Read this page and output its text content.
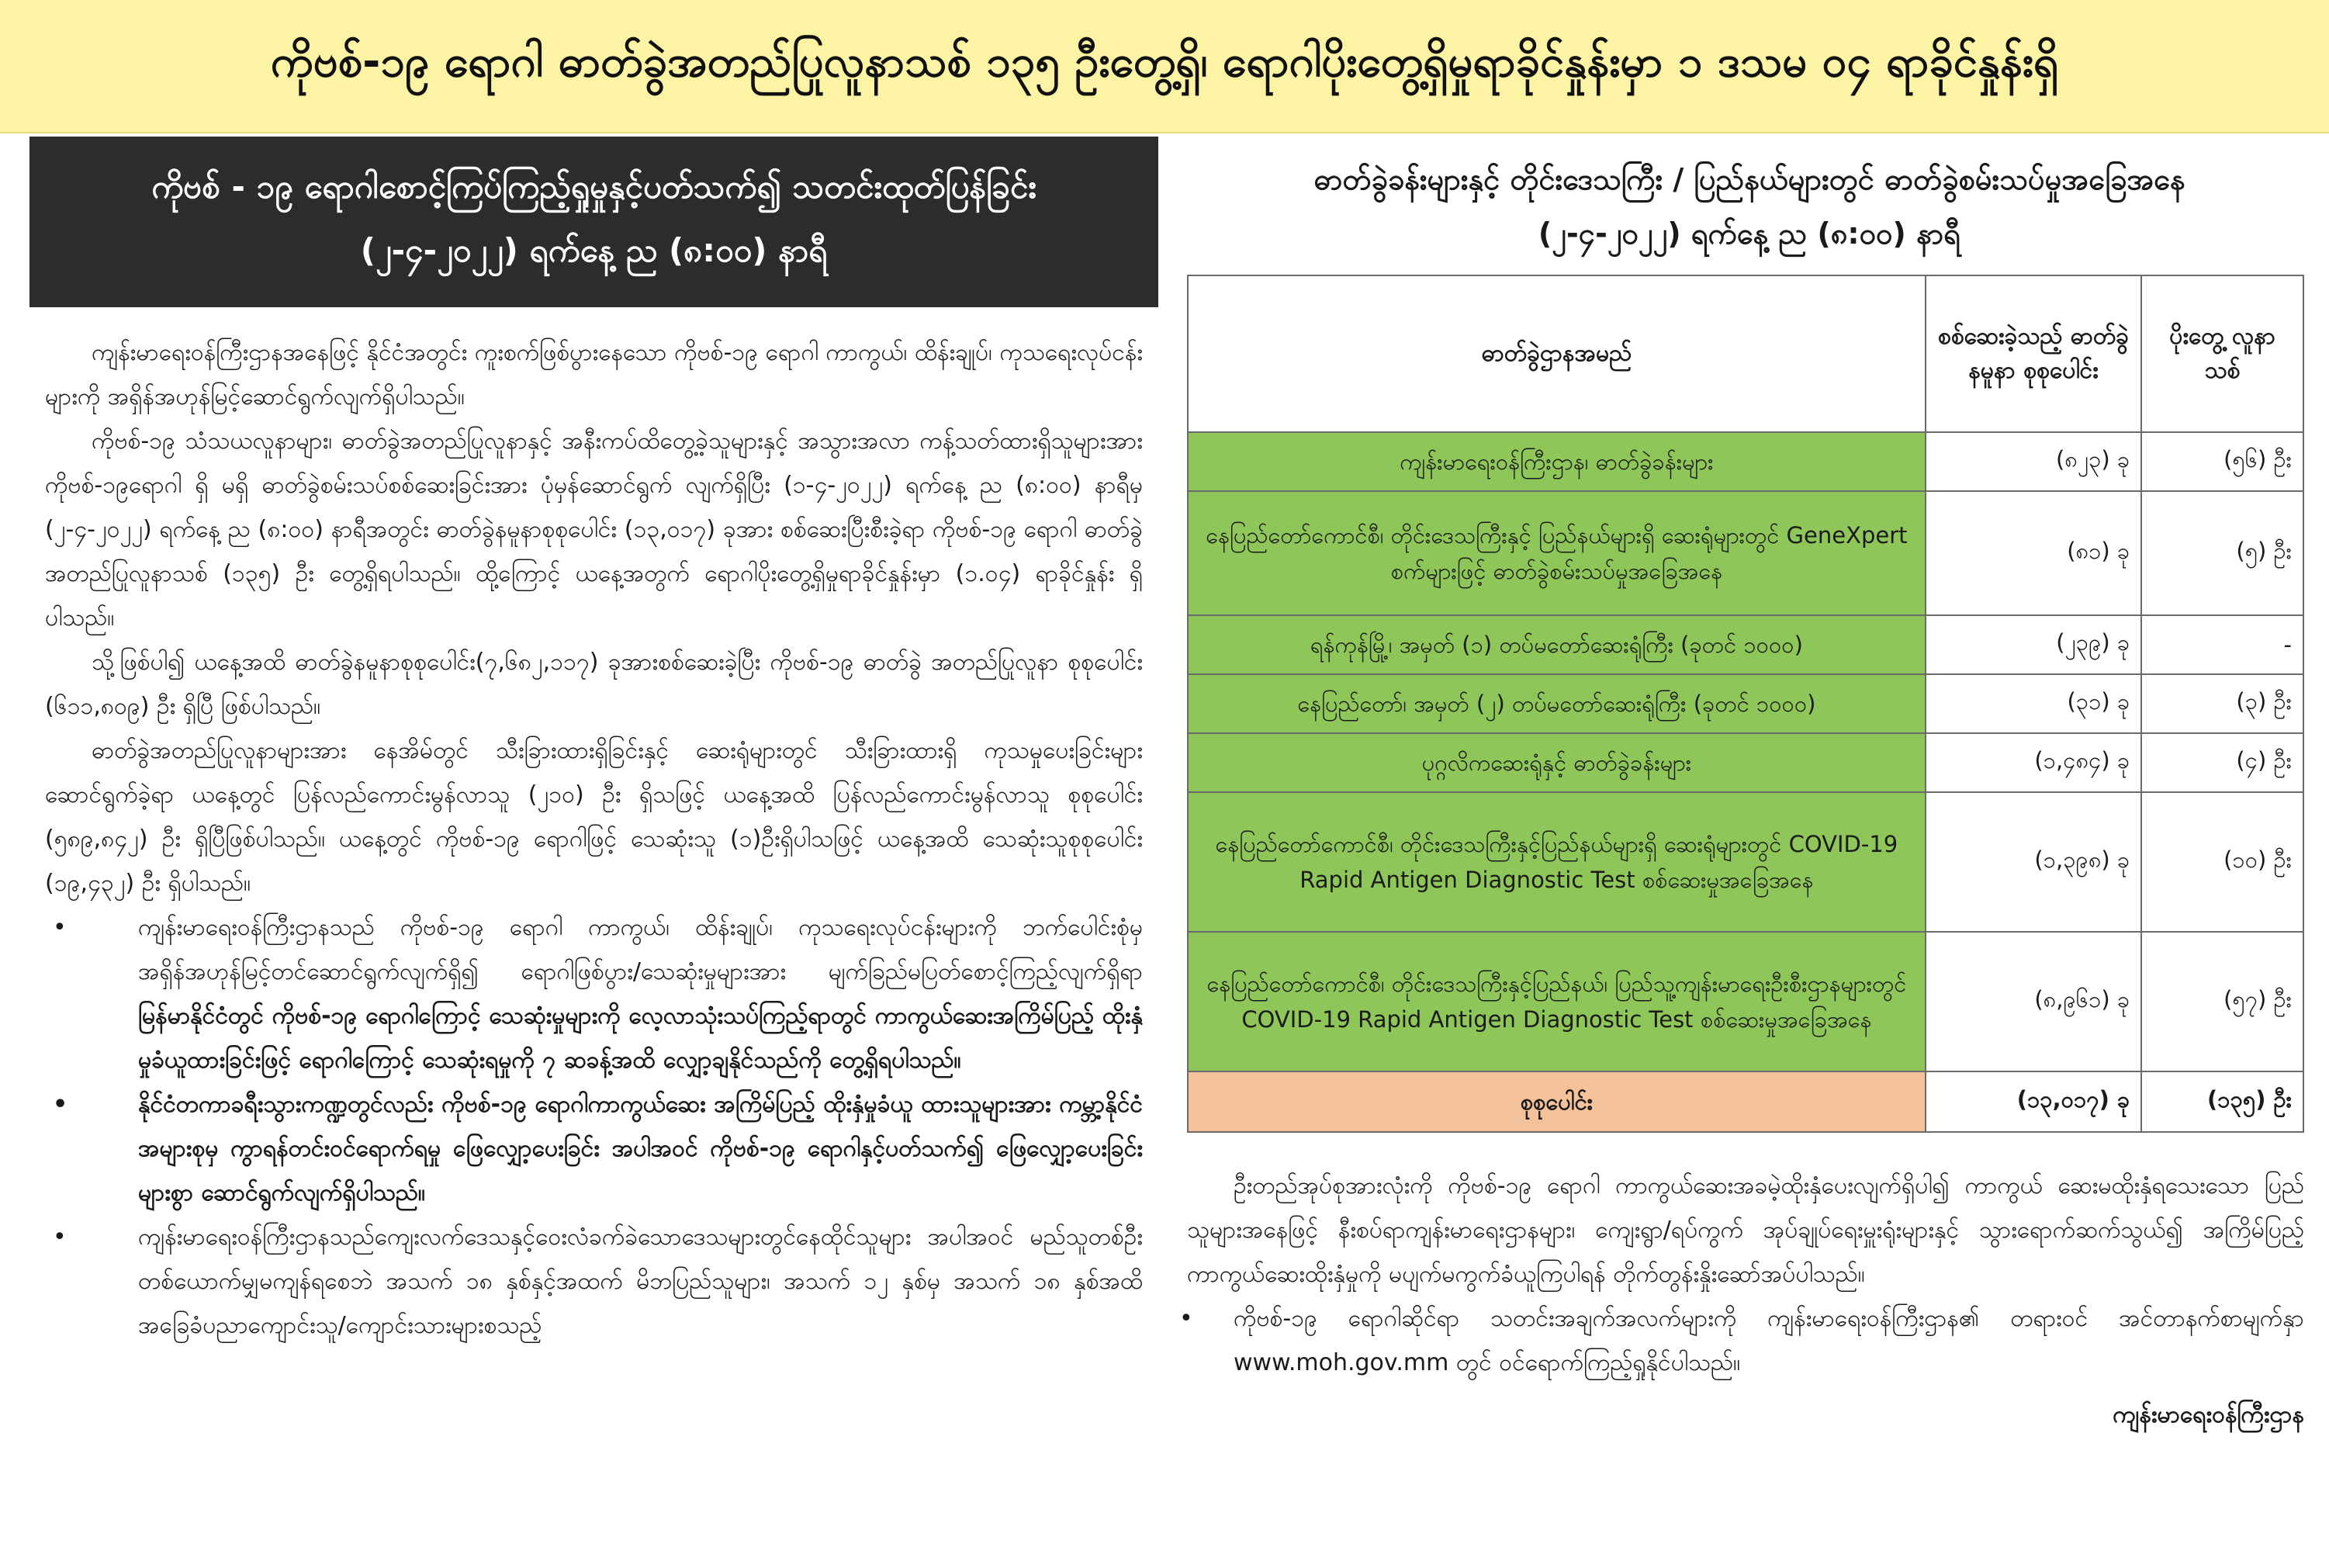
ကိုဗစ်-၁၉ ရောဂါ ဓာတ်ခွဲအတည်ပြုလူနာသစ် ၁၃၅ ဦးတွေ့ရှိ၊ ရောဂါပိုးတွေ့ရှိမှုရာခိုင်နှုန်းမှာ ၁ ဒသမ ၀၄ ရာခိုင်နှုန်းရှိ
ကိုဗစ် - ၁၉ ရောဂါစောင့်ကြပ်ကြည့်ရှုမှုနှင့်ပတ်သက်၍ သတင်းထုတ်ပြန်ခြင်း
(၂-၄-၂၀၂၂) ရက်နေ့ ည (၈:၀၀) နာရီ

ကျန်းမာရေးဝန်ကြီးဌာနအနေဖြင့် နိုင်ငံအတွင်း ကူးစက်ဖြစ်ပွားနေသော ကိုဗစ်-၁၉ ရောဂါ ကာကွယ်၊ ထိန်းချုပ်၊ ကုသရေးလုပ်ငန်းများကို အရှိန်အဟုန်မြင့်ဆောင်ရွက်လျက်ရှိပါသည်။

ကိုဗစ်-၁၉ သံသယလူနာများ၊ ဓာတ်ခွဲအတည်ပြုလူနာနှင့် အနီးကပ်ထိတွေ့ခဲ့သူများနှင့် အသွားအလာ ကန့်သတ်ထားရှိသူများအား ကိုဗစ်-၁၉ရောဂါ ရှိ မရှိ ဓာတ်ခွဲစမ်းသပ်စစ်ဆေးခြင်းအား ပုံမှန်ဆောင်ရွက် လျက်ရှိပြီး (၁-၄-၂၀၂၂) ရက်နေ့ ည (၈:၀၀) နာရီမှ (၂-၄-၂၀၂၂) ရက်နေ့ ည (၈:၀၀) နာရီအတွင်း ဓာတ်ခွဲနမူနာစုစုပေါင်း (၁၃,၀၁၇) ခုအား စစ်ဆေးပြီးစီးခဲ့ရာ ကိုဗစ်-၁၉ ရောဂါ ဓာတ်ခွဲအတည်ပြုလူနာသစ် (၁၃၅) ဦး တွေ့ရှိရပါသည်။ ထို့ကြောင့် ယနေ့အတွက် ရောဂါပိုးတွေ့ရှိမှုရာခိုင်နှုန်းမှာ (၁.၀၄) ရာခိုင်နှုန်း ရှိပါသည်။

သို့ဖြစ်ပါ၍ ယနေ့အထိ ဓာတ်ခွဲနမူနာစုစုပေါင်း(၇,၆၈၂,၁၁၇) ခုအားစစ်ဆေးခဲ့ပြီး ကိုဗစ်-၁၉ ဓာတ်ခွဲ အတည်ပြုလူနာ စုစုပေါင်း (၆၁၁,၈၀၉) ဦး ရှိပြီ ဖြစ်ပါသည်။

ဓာတ်ခွဲအတည်ပြုလူနာများအား နေအိမ်တွင် သီးခြားထားရှိခြင်းနှင့် ဆေးရုံများတွင် သီးခြားထားရှိ ကုသမှုပေးခြင်းများ ဆောင်ရွက်ခဲ့ရာ ယနေ့တွင် ပြန်လည်ကောင်းမွန်လာသူ (၂၁၀) ဦး ရှိသဖြင့် ယနေ့အထိ ပြန်လည်ကောင်းမွန်လာသူ စုစုပေါင်း (၅၈၉,၈၄၂) ဦး ရှိပြီဖြစ်ပါသည်။ ယနေ့တွင် ကိုဗစ်-၁၉ ရောဂါဖြင့် သေဆုံးသူ (၁)ဦးရှိပါသဖြင့် ယနေ့အထိ သေဆုံးသူစုစုပေါင်း (၁၉,၄၃၂) ဦး ရှိပါသည်။

•	ကျန်းမာရေးဝန်ကြီးဌာနသည် ကိုဗစ်-၁၉ ရောဂါ ကာကွယ်၊ ထိန်းချုပ်၊ ကုသရေးလုပ်ငန်းများကို ဘက်ပေါင်းစုံမှ အရှိန်အဟုန်မြင့်တင်ဆောင်ရွက်လျက်ရှိ၍ ရောဂါဖြစ်ပွား/သေဆုံးမှုများအား မျက်ခြည်မပြတ်စောင့်ကြည့်လျက်ရှိရာ မြန်မာနိုင်ငံတွင် ကိုဗစ်-၁၉ ရောဂါကြောင့် သေဆုံးမှုများကို လေ့လာသုံးသပ်ကြည့်ရာတွင် ကာကွယ်ဆေးအကြိမ်ပြည့် ထိုးနှံမှုခံယူထားခြင်းဖြင့် ရောဂါကြောင့် သေဆုံးရမှုကို ၇ ဆခန့်အထိ လျှော့ချနိုင်သည်ကို တွေ့ရှိရပါသည်။

•	နိုင်ငံတကာခရီးသွားကဏ္ဍတွင်လည်း ကိုဗစ်-၁၉ ရောဂါကာကွယ်ဆေး အကြိမ်ပြည့် ထိုးနှံမှုခံယူ ထားသူများအား ကမ္ဘာ့နိုင်ငံအများစုမှ ကွာရန်တင်းဝင်ရောက်ရမှု ဖြေလျှော့ပေးခြင်း အပါအဝင် ကိုဗစ်-၁၉ ရောဂါနှင့်ပတ်သက်၍ ဖြေလျှော့ပေးခြင်းများစွာ ဆောင်ရွက်လျက်ရှိပါသည်။

•	ကျန်းမာရေးဝန်ကြီးဌာနသည်ကျေးလက်ဒေသနှင့်ဝေးလံခက်ခဲသောဒေသများတွင်နေထိုင်သူများ အပါအဝင် မည်သူတစ်ဦးတစ်ယောက်မျှမကျန်ရစေဘဲ အသက် ၁၈ နှစ်နှင့်အထက် မိဘပြည်သူများ၊ အသက် ၁၂ နှစ်မှ အသက် ၁၈ နှစ်အထိ အခြေခံပညာကျောင်းသူ/ကျောင်းသားများစသည့်

ဓာတ်ခွဲခန်းများနှင့် တိုင်းဒေသကြီး / ပြည်နယ်များတွင် ဓာတ်ခွဲစမ်းသပ်မှုအခြေအနေ
(၂-၄-၂၀၂၂) ရက်နေ့ ည (၈:၀၀) နာရီ
ဓာတ်ခွဲဌာနအမည်	စစ်ဆေးခဲ့သည့် ဓာတ်ခွဲနမူနာ စုစုပေါင်း	ပိုးတွေ့ လူနာသစ်
ကျန်းမာရေးဝန်ကြီးဌာန၊ ဓာတ်ခွဲခန်းများ	(၈၂၃) ခု	(၅၆) ဦး
နေပြည်တော်ကောင်စီ၊ တိုင်းဒေသကြီးနှင့် ပြည်နယ်များရှိ ဆေးရုံများတွင် GeneXpert စက်များဖြင့် ဓာတ်ခွဲစမ်းသပ်မှုအခြေအနေ	(၈၁) ခု	(၅) ဦး
ရန်ကုန်မြို့၊ အမှတ် (၁) တပ်မတော်ဆေးရုံကြီး (ခုတင် ၁၀၀၀)	(၂၃၉) ခု	-
နေပြည်တော်၊ အမှတ် (၂) တပ်မတော်ဆေးရုံကြီး (ခုတင် ၁၀၀၀)	(၃၁) ခု	(၃) ဦး
ပုဂ္ဂလိကဆေးရုံနှင့် ဓာတ်ခွဲခန်းများ	(၁,၄၈၄) ခု	(၄) ဦး
နေပြည်တော်ကောင်စီ၊ တိုင်းဒေသကြီးနှင့်ပြည်နယ်များရှိ ဆေးရုံများတွင် COVID-19 Rapid Antigen Diagnostic Test စစ်ဆေးမှုအခြေအနေ	(၁,၃၉၈) ခု	(၁၀) ဦး
နေပြည်တော်ကောင်စီ၊ တိုင်းဒေသကြီးနှင့်ပြည်နယ်၊ ပြည်သူ့ကျန်းမာရေးဦးစီးဌာနများတွင် COVID-19 Rapid Antigen Diagnostic Test စစ်ဆေးမှုအခြေအနေ	(၈,၉၆၁) ခု	(၅၇) ဦး
စုစုပေါင်း	(၁၃,၀၁၇) ခု	(၁၃၅) ဦး

ဦးတည်အုပ်စုအားလုံးကို ကိုဗစ်-၁၉ ရောဂါ ကာကွယ်ဆေးအခမဲ့ထိုးနှံပေးလျက်ရှိပါ၍ ကာကွယ် ဆေးမထိုးနှံရသေးသော ပြည်သူများအနေဖြင့် နီးစပ်ရာကျန်းမာရေးဌာနများ၊ ကျေးရွာ/ရပ်ကွက် အုပ်ချုပ်ရေးမှူးရုံးများနှင့် သွားရောက်ဆက်သွယ်၍ အကြိမ်ပြည့် ကာကွယ်ဆေးထိုးနှံမှုကို မပျက်မကွက်ခံယူကြပါရန် တိုက်တွန်းနှိုးဆော်အပ်ပါသည်။

• ကိုဗစ်-၁၉ ရောဂါဆိုင်ရာ သတင်းအချက်အလက်များကို ကျန်းမာရေးဝန်ကြီးဌာန၏ တရားဝင် အင်တာနက်စာမျက်နှာ www.moh.gov.mm တွင် ဝင်ရောက်ကြည့်ရှုနိုင်ပါသည်။

ကျန်းမာရေးဝန်ကြီးဌာန
